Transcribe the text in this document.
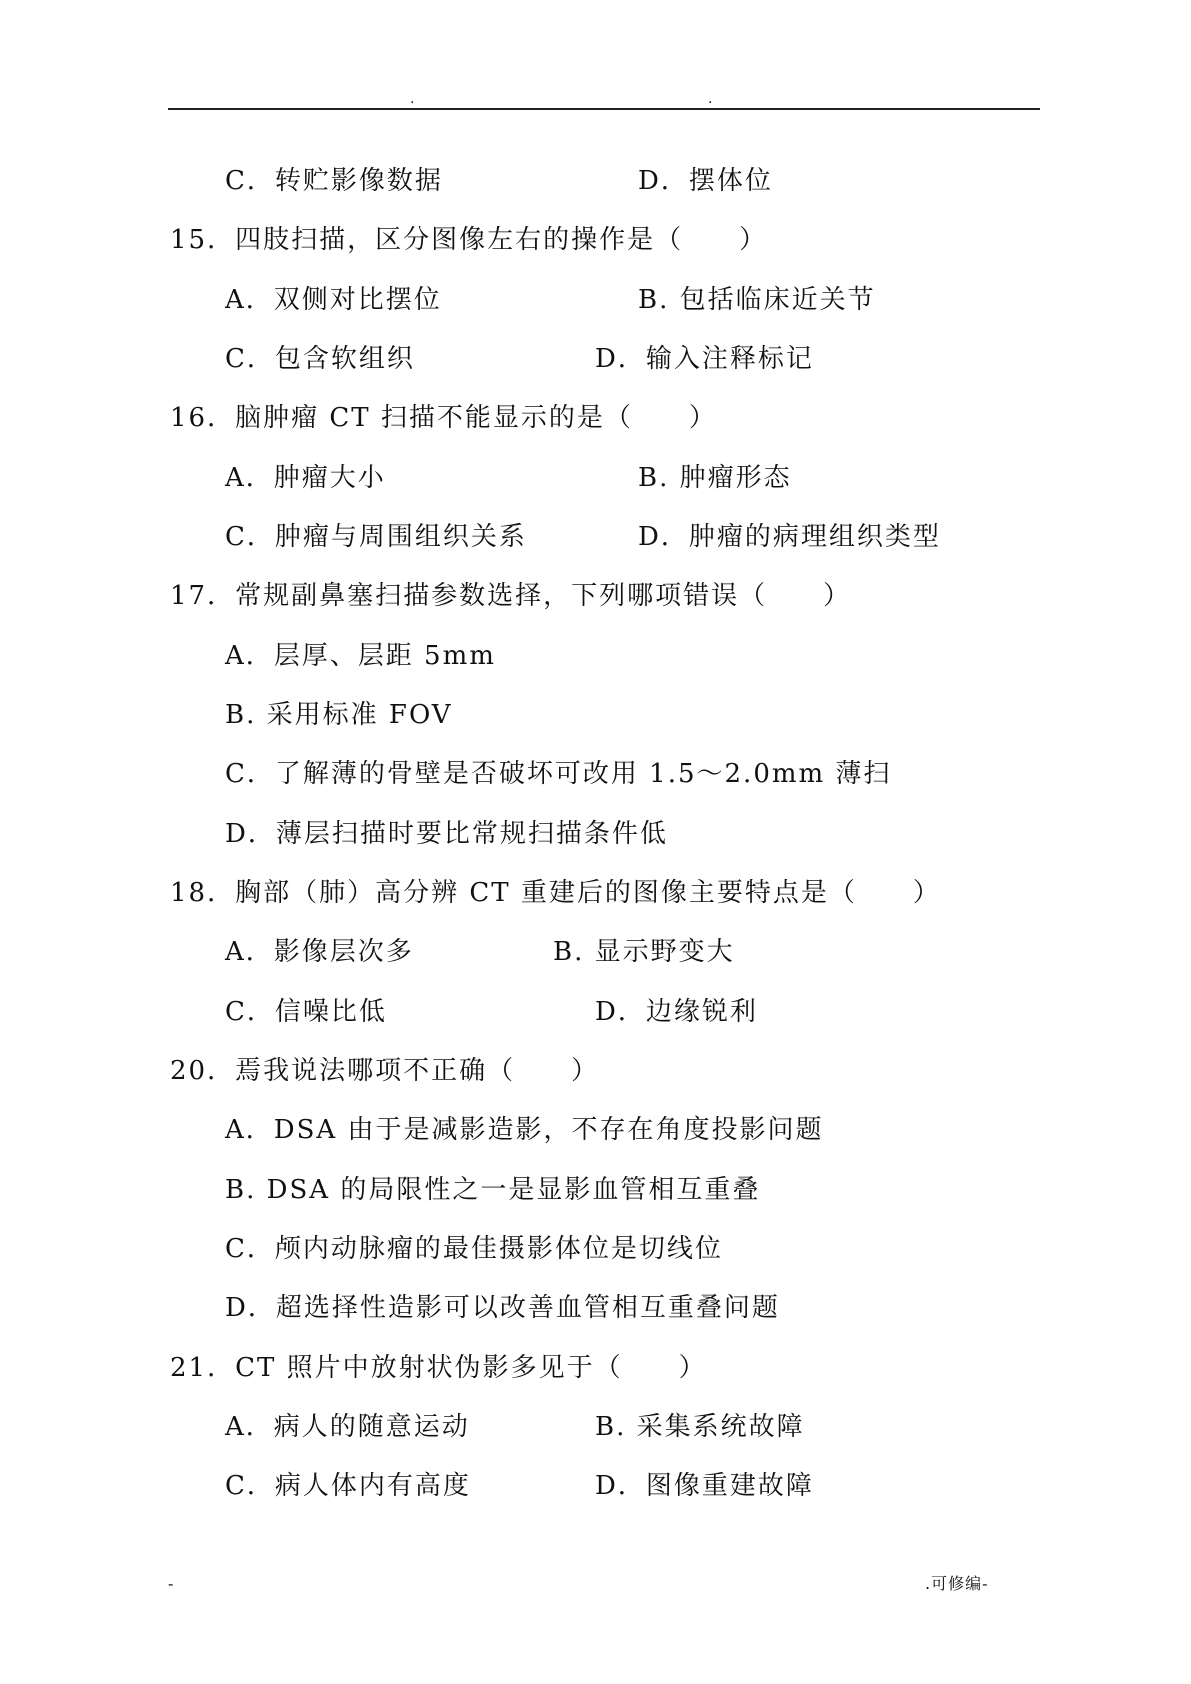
.	.
C．转贮影像数据	D．摆体位
15．四肢扫描，区分图像左右的操作是（　　）
A．双侧对比摆位	B. 包括临床近关节
C．包含软组织	D．输入注释标记
16．脑肿瘤 CT 扫描不能显示的是（　　）
A．肿瘤大小	B. 肿瘤形态
C．肿瘤与周围组织关系	D．肿瘤的病理组织类型
17．常规副鼻塞扫描参数选择，下列哪项错误（　　）
A．层厚、层距 5mm
B. 采用标准 FOV
C．了解薄的骨壁是否破坏可改用 1.5～2.0mm 薄扫
D．薄层扫描时要比常规扫描条件低
18．胸部（肺）高分辨 CT 重建后的图像主要特点是（　　）
A．影像层次多	B. 显示野变大
C．信噪比低	D．边缘锐利
20．焉我说法哪项不正确（　　）
A．DSA 由于是减影造影，不存在角度投影问题
B. DSA 的局限性之一是显影血管相互重叠
C．颅内动脉瘤的最佳摄影体位是切线位
D．超选择性造影可以改善血管相互重叠问题
21．CT 照片中放射状伪影多见于（　　）
A．病人的随意运动	B. 采集系统故障
C．病人体内有高度	D．图像重建故障
-	.可修编-
